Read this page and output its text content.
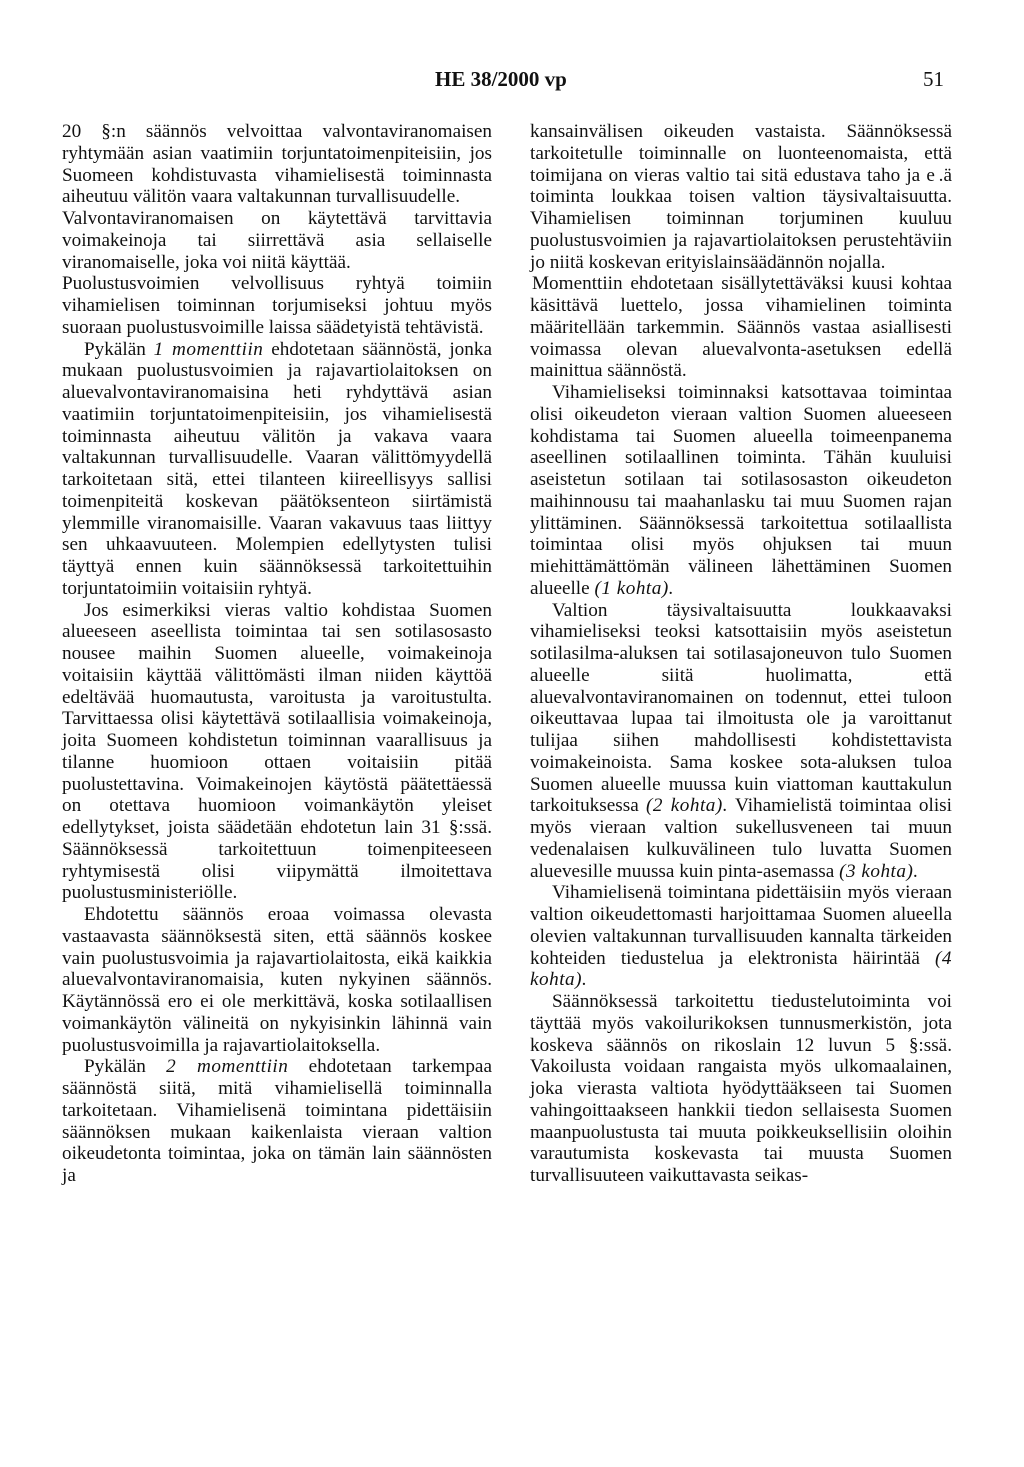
HE 38/2000 vp	51

20 §:n säännös velvoittaa valvontaviranomaisen ryhtymään asian vaatimiin torjuntatoimenpiteisiin, jos Suomeen kohdistuvasta vihamielisestä toiminnasta aiheutuu välitön vaara valtakunnan turvallisuudelle.

Valvontaviranomaisen on käytettävä tarvittavia voimakeinoja tai siirrettävä asia sellaiselle viranomaiselle, joka voi niitä käyttää.

Puolustusvoimien velvollisuus ryhtyä toimiin vihamielisen toiminnan torjumiseksi johtuu myös suoraan puolustusvoimille laissa säädetyistä tehtävistä.

Pykälän 1 momenttiin ehdotetaan säännöstä, jonka mukaan puolustusvoimien ja rajavartiolaitoksen on aluevalvontaviranomaisina heti ryhdyttävä asian vaatimiin torjuntatoimenpiteisiin, jos vihamielisestä toiminnasta aiheutuu välitön ja vakava vaara valtakunnan turvallisuudelle. Vaaran välittömyydellä tarkoitetaan sitä, ettei tilanteen kiireellisyys sallisi toimenpiteitä koskevan päätöksenteon siirtämistä ylemmille viranomaisille. Vaaran vakavuus taas liittyy sen uhkaavuuteen. Molempien edellytysten tulisi täyttyä ennen kuin säännöksessä tarkoitettuihin torjuntatoimiin voitaisiin ryhtyä.

Jos esimerkiksi vieras valtio kohdistaa Suomen alueeseen aseellista toimintaa tai sen sotilasosasto nousee maihin Suomen alueelle, voimakeinoja voitaisiin käyttää välittömästi ilman niiden käyttöä edeltävää huomautusta, varoitusta ja varoitustulta. Tarvittaessa olisi käytettävä sotilaallisia voimakeinoja, joita Suomeen kohdistetun toiminnan vaarallisuus ja tilanne huomioon ottaen voitaisiin pitää puolustettavina. Voimakeinojen käytöstä päätettäessä on otettava huomioon voimankäytön yleiset edellytykset, joista säädetään ehdotetun lain 31 §:ssä. Säännöksessä tarkoitettuun toimenpiteeseen ryhtymisestä olisi viipymättä ilmoitettava puolustusministeriölle.

Ehdotettu säännös eroaa voimassa olevasta vastaavasta säännöksestä siten, että säännös koskee vain puolustusvoimia ja rajavartiolaitosta, eikä kaikkia aluevalvontaviranomaisia, kuten nykyinen säännös. Käytännössä ero ei ole merkittävä, koska sotilaallisen voimankäytön välineitä on nykyisinkin lähinnä vain puolustusvoimilla ja rajavartiolaitoksella.

Pykälän 2 momenttiin ehdotetaan tarkempaa säännöstä siitä, mitä vihamielisellä toiminnalla tarkoitetaan. Vihamielisenä toimintana pidettäisiin säännöksen mukaan kaikenlaista vieraan valtion oikeudetonta toimintaa, joka on tämän lain säännösten ja

kansainvälisen oikeuden vastaista. Säännöksessä tarkoitetulle toiminnalle on luonteenomaista, että toimijana on vieras valtio tai sitä edustava taho ja e .ä toiminta loukkaa toisen valtion täysivaltaisuutta. Vihamielisen toiminnan torjuminen kuuluu puolustusvoimien ja rajavartiolaitoksen perustehtäviin jo niitä koskevan erityislainsäädännön nojalla.

Momenttiin ehdotetaan sisällytettäväksi kuusi kohtaa käsittävä luettelo, jossa vihamielinen toiminta määritellään tarkemmin. Säännös vastaa asiallisesti voimassa olevan aluevalvonta-asetuksen edellä mainittua säännöstä.

Vihamieliseksi toiminnaksi katsottavaa toimintaa olisi oikeudeton vieraan valtion Suomen alueeseen kohdistama tai Suomen alueella toimeenpanema aseellinen sotilaallinen toiminta. Tähän kuuluisi aseistetun sotilaan tai sotilasosaston oikeudeton maihinnousu tai maahanlasku tai muu Suomen rajan ylittäminen. Säännöksessä tarkoitettua sotilaallista toimintaa olisi myös ohjuksen tai muun miehittämättömän välineen lähettäminen Suomen alueelle (1 kohta).

Valtion täysivaltaisuutta loukkaavaksi vihamieliseksi teoksi katsottaisiin myös aseistetun sotilasilma-aluksen tai sotilasajoneuvon tulo Suomen alueelle siitä huolimatta, että aluevalvontaviranomainen on todennut, ettei tuloon oikeuttavaa lupaa tai ilmoitusta ole ja varoittanut tulijaa siihen mahdollisesti kohdistettavista voimakeinoista. Sama koskee sota-aluksen tuloa Suomen alueelle muussa kuin viattoman kauttakulun tarkoituksessa (2 kohta). Vihamielistä toimintaa olisi myös vieraan valtion sukellusveneen tai muun vedenalaisen kulkuvälineen tulo luvatta Suomen aluevesille muussa kuin pinta-asemassa (3 kohta).

Vihamielisenä toimintana pidettäisiin myös vieraan valtion oikeudettomasti harjoittamaa Suomen alueella olevien valtakunnan turvallisuuden kannalta tärkeiden kohteiden tiedustelua ja elektronista häirintää (4 kohta).

Säännöksessä tarkoitettu tiedustelutoiminta voi täyttää myös vakoilurikoksen tunnusmerkistön, jota koskeva säännös on rikoslain 12 luvun 5 §:ssä. Vakoilusta voidaan rangaista myös ulkomaalainen, joka vierasta valtiota hyödyttääkseen tai Suomen vahingoittaakseen hankkii tiedon sellaisesta Suomen maanpuolustusta tai muuta poikkeuksellisiin oloihin varautumista koskevasta tai muusta Suomen turvallisuuteen vaikuttavasta seikas-
